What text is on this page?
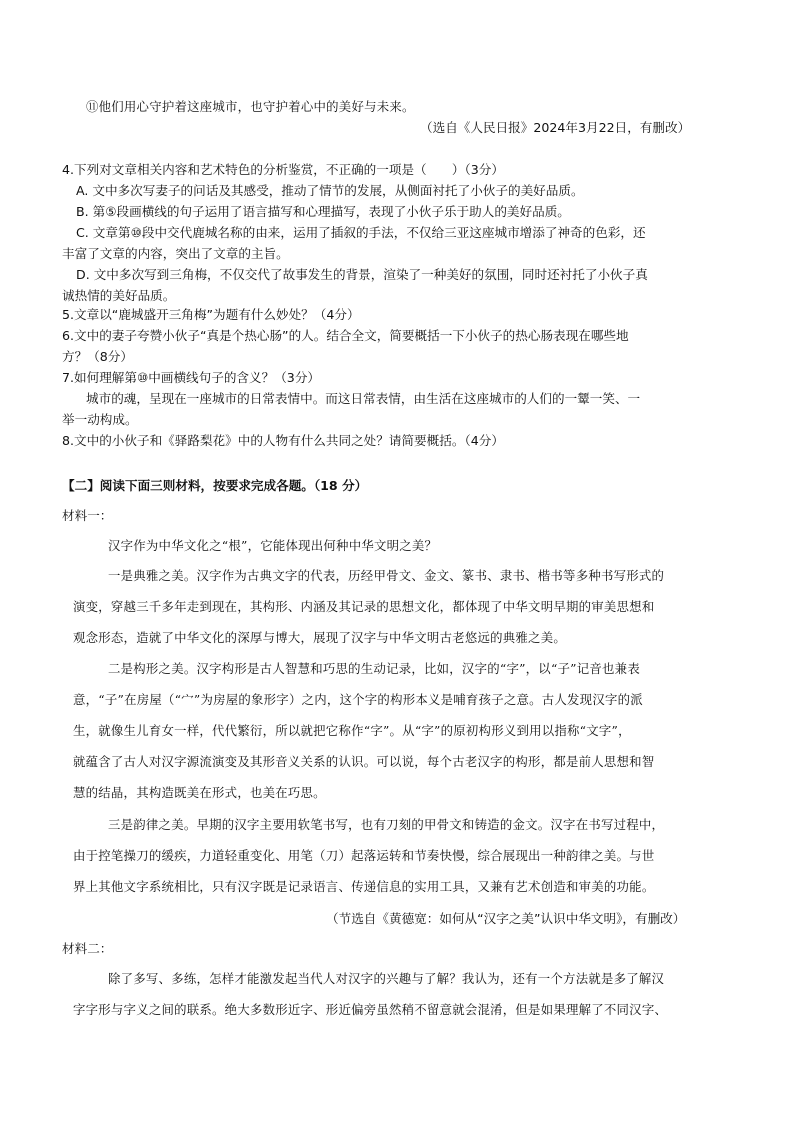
⑪他们用心守护着这座城市，也守护着心中的美好与未来。
（选自《人民日报》2024年3月22日，有删改）
4.下列对文章相关内容和艺术特色的分析鉴赏，不正确的一项是（　　）（3分）
A. 文中多次写妻子的问话及其感受，推动了情节的发展，从侧面衬托了小伙子的美好品质。
B. 第⑤段画横线的句子运用了语言描写和心理描写，表现了小伙子乐于助人的美好品质。
C. 文章第⑩段中交代鹿城名称的由来，运用了插叙的手法，不仅给三亚这座城市增添了神奇的色彩，还
丰富了文章的内容，突出了文章的主旨。
D. 文中多次写到三角梅，不仅交代了故事发生的背景，渲染了一种美好的氛围，同时还衬托了小伙子真
诚热情的美好品质。
5.文章以“鹿城盛开三角梅”为题有什么妙处？（4分）
6.文中的妻子夸赞小伙子“真是个热心肠”的人。结合全文，简要概括一下小伙子的热心肠表现在哪些地
方？（8分）
7.如何理解第⑩中画横线句子的含义？（3分）
城市的魂，呈现在一座城市的日常表情中。而这日常表情，由生活在这座城市的人们的一颦一笑、一
举一动构成。
8.文中的小伙子和《驿路梨花》中的人物有什么共同之处？请简要概括。（4分）
【二】阅读下面三则材料，按要求完成各题。（18 分）
材料一：
汉字作为中华文化之“根”，它能体现出何种中华文明之美？
一是典雅之美。汉字作为古典文字的代表，历经甲骨文、金文、篆书、隶书、楷书等多种书写形式的
演变，穿越三千多年走到现在，其构形、内涵及其记录的思想文化，都体现了中华文明早期的审美思想和
观念形态，造就了中华文化的深厚与博大，展现了汉字与中华文明古老悠远的典雅之美。
二是构形之美。汉字构形是古人智慧和巧思的生动记录，比如，汉字的“字”，以“子”记音也兼表
意，“子”在房屋（“宀”为房屋的象形字）之内，这个字的构形本义是哺育孩子之意。古人发现汉字的派
生，就像生儿育女一样，代代繁衍，所以就把它称作“字”。从“字”的原初构形义到用以指称“文字”，
就蕴含了古人对汉字源流演变及其形音义关系的认识。可以说，每个古老汉字的构形，都是前人思想和智
慧的结晶，其构造既美在形式，也美在巧思。
三是韵律之美。早期的汉字主要用软笔书写，也有刀刻的甲骨文和铸造的金文。汉字在书写过程中，
由于控笔操刀的缓疾，力道轻重变化、用笔（刀）起落运转和节奏快慢，综合展现出一种韵律之美。与世
界上其他文字系统相比，只有汉字既是记录语言、传递信息的实用工具，又兼有艺术创造和审美的功能。
（节选自《黄德宽：如何从“汉字之美”认识中华文明》，有删改）
材料二：
除了多写、多练，怎样才能激发起当代人对汉字的兴趣与了解？我认为，还有一个方法就是多了解汉
字字形与字义之间的联系。绝大多数形近字、形近偏旁虽然稍不留意就会混淆，但是如果理解了不同汉字、
